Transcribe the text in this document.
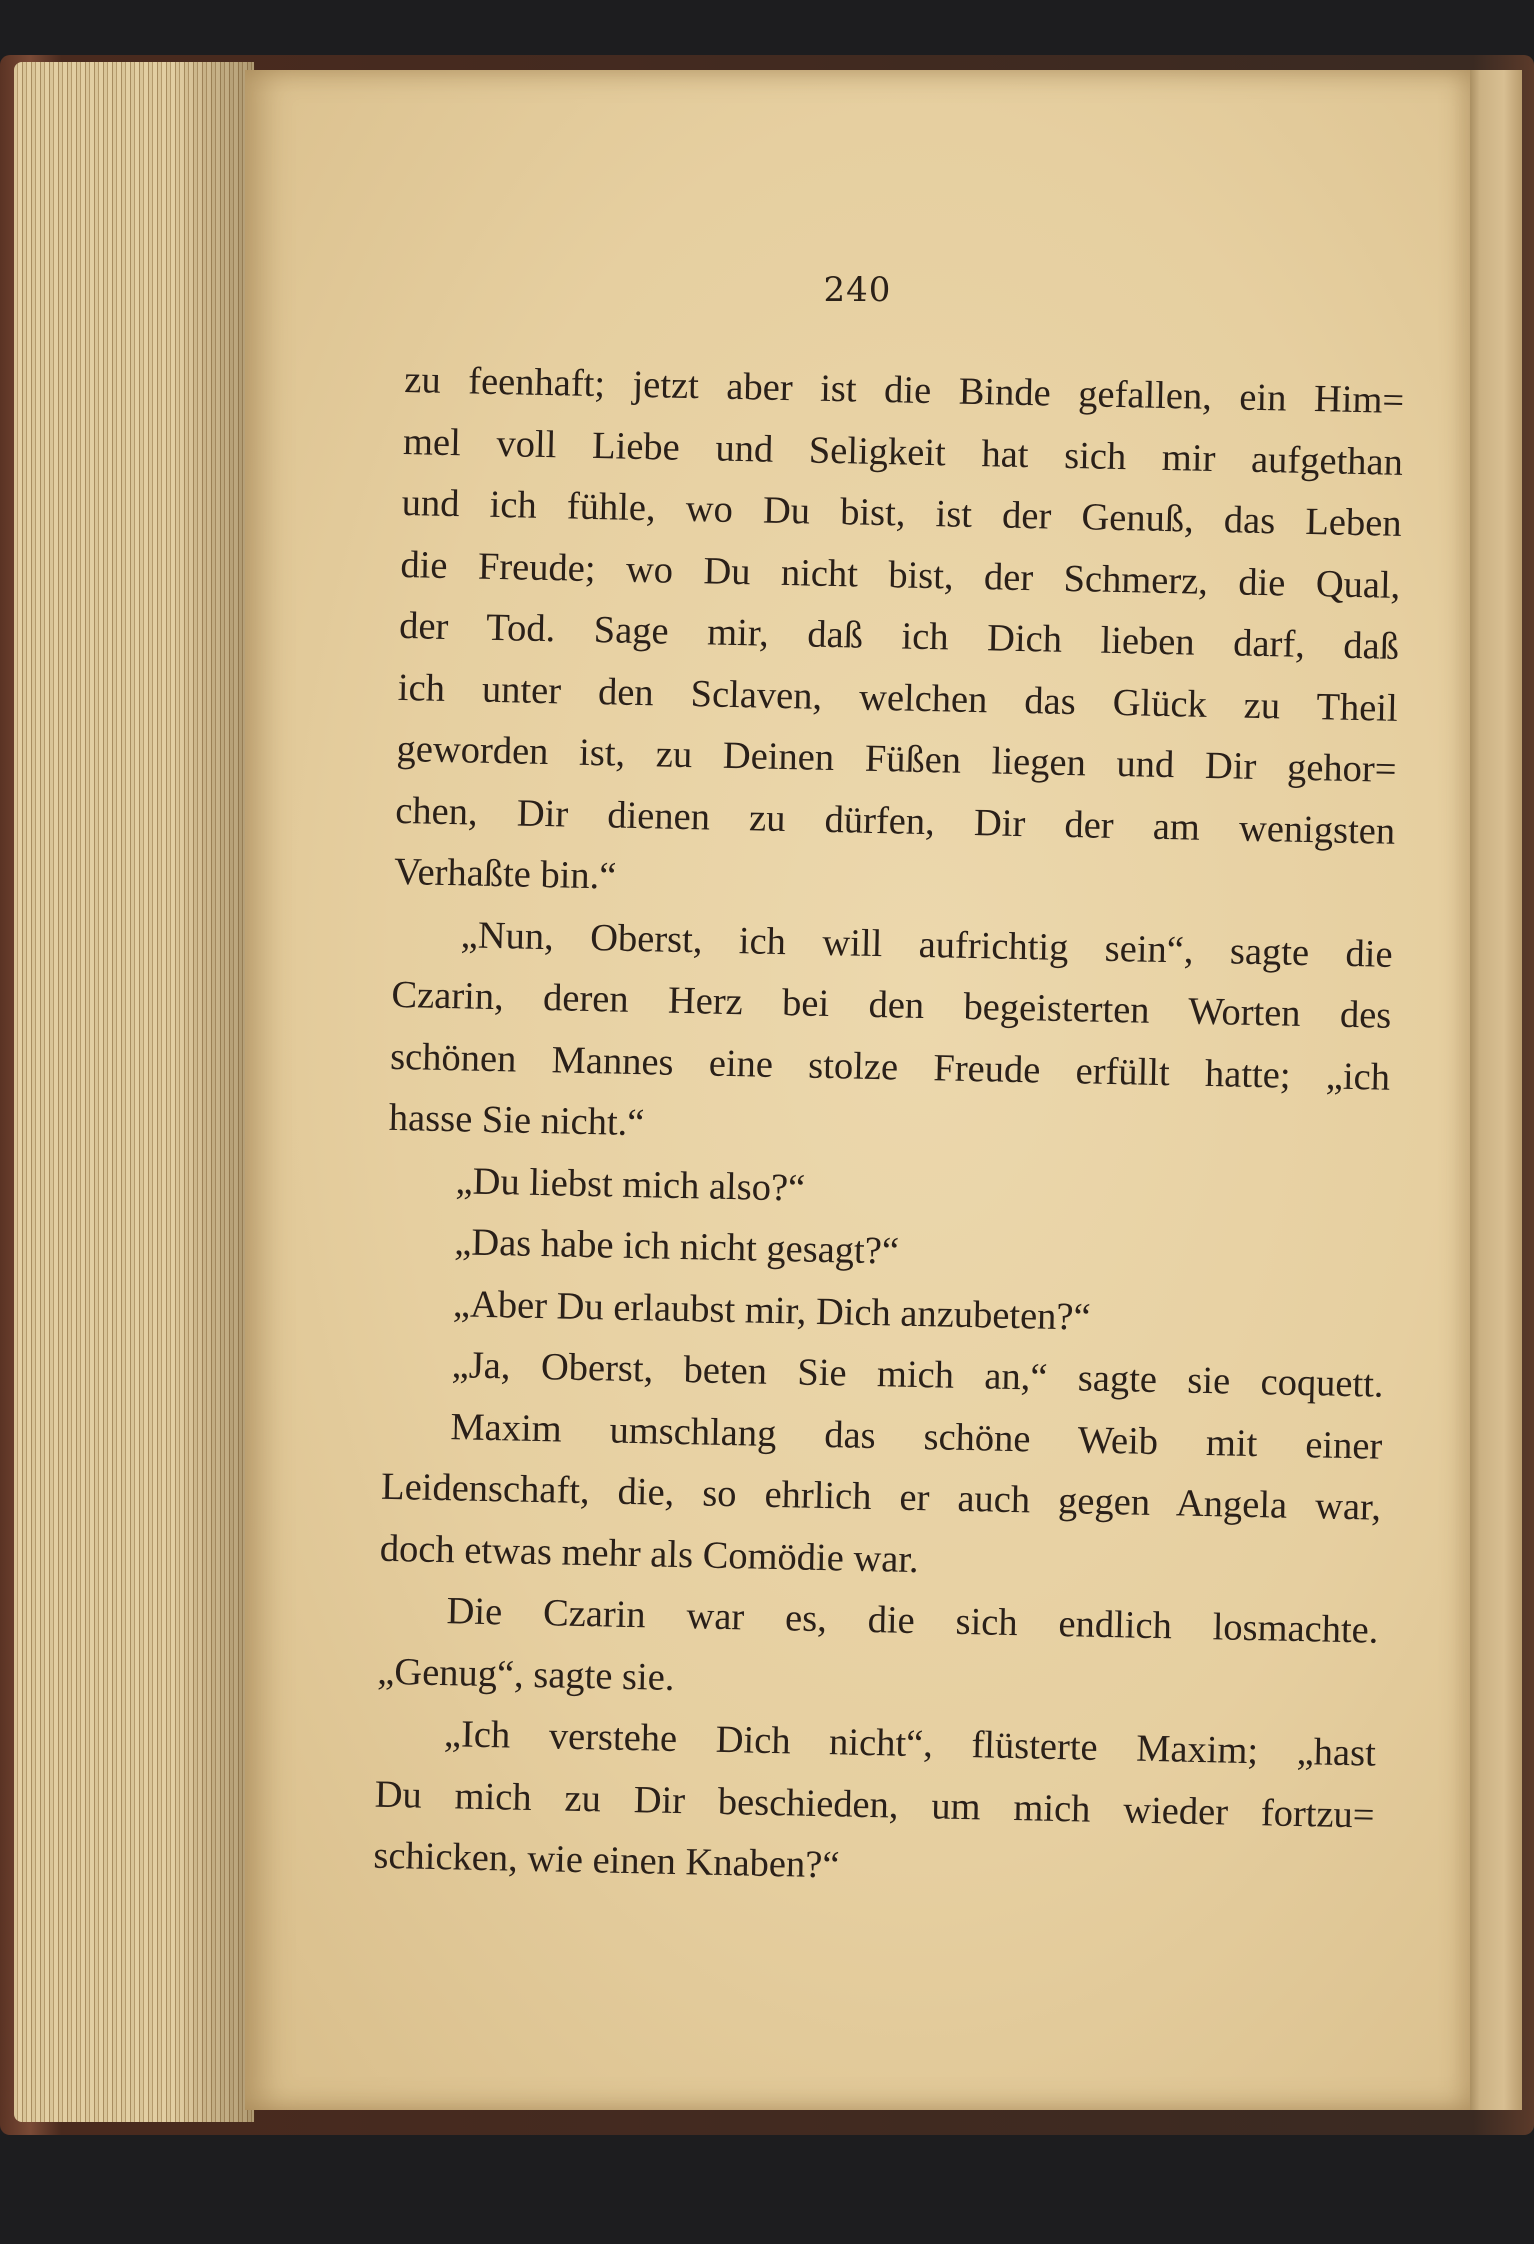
240
zu feenhaft; jetzt aber ist die Binde gefallen, ein Him=
mel voll Liebe und Seligkeit hat sich mir aufgethan
und ich fühle, wo Du bist, ist der Genuß, das Leben
die Freude; wo Du nicht bist, der Schmerz, die Qual,
der Tod. Sage mir, daß ich Dich lieben darf, daß
ich unter den Sclaven, welchen das Glück zu Theil
geworden ist, zu Deinen Füßen liegen und Dir gehor=
chen, Dir dienen zu dürfen, Dir der am wenigsten
Verhaßte bin.“
„Nun, Oberst, ich will aufrichtig sein“, sagte die
Czarin, deren Herz bei den begeisterten Worten des
schönen Mannes eine stolze Freude erfüllt hatte; „ich
hasse Sie nicht.“
„Du liebst mich also?“
„Das habe ich nicht gesagt?“
„Aber Du erlaubst mir, Dich anzubeten?“
„Ja, Oberst, beten Sie mich an,“ sagte sie coquett.
Maxim umschlang das schöne Weib mit einer
Leidenschaft, die, so ehrlich er auch gegen Angela war,
doch etwas mehr als Comödie war.
Die Czarin war es, die sich endlich losmachte.
„Genug“, sagte sie.
„Ich verstehe Dich nicht“, flüsterte Maxim; „hast
Du mich zu Dir beschieden, um mich wieder fortzu=
schicken, wie einen Knaben?“
